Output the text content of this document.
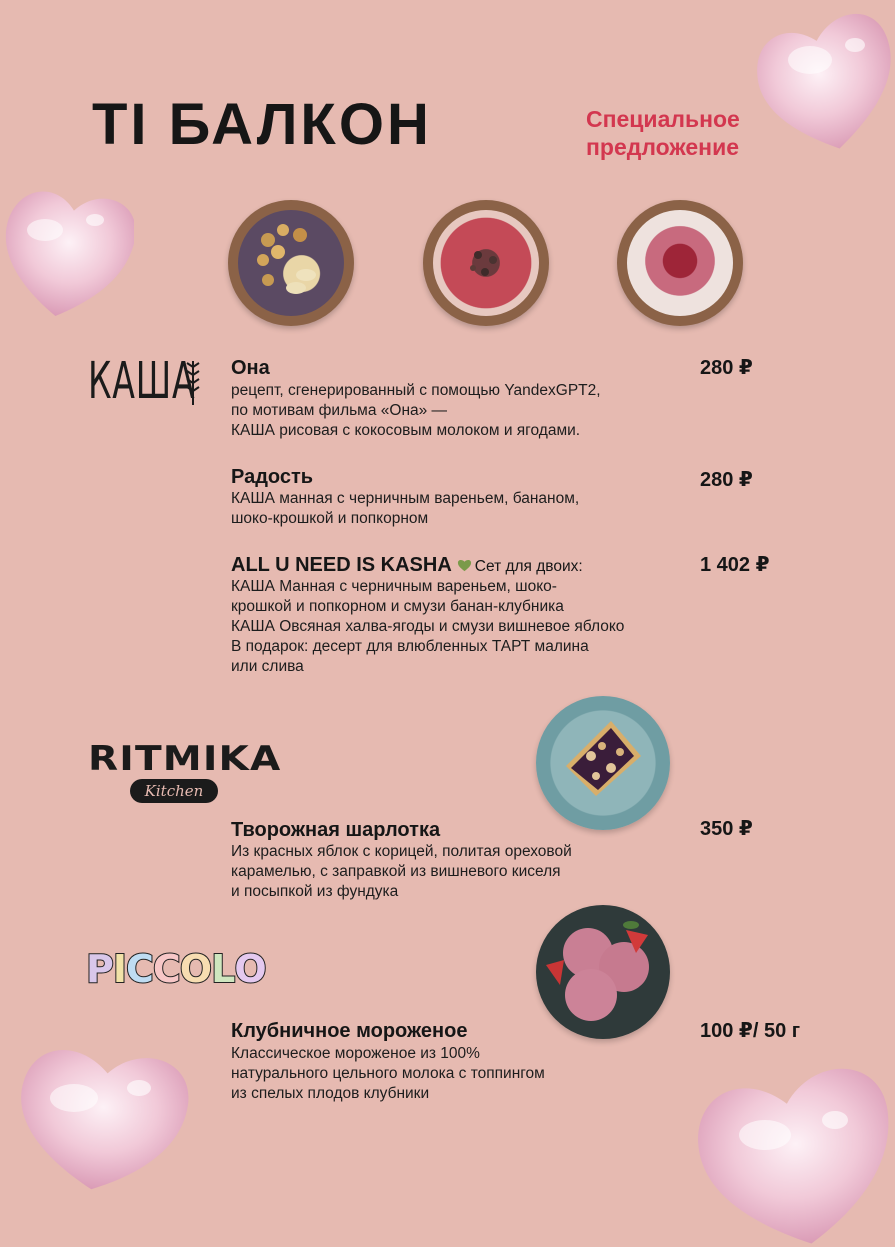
TI БАЛКОН	Специальное
предложение
КАША Она	280 ₽
рецепт, сгенерированный с помощью YandexGPT2,
по мотивам фильма «Она» —
КАША рисовая с кокосовым молоком и ягодами.
Радость	280 ₽
КАША манная с черничным вареньем, бананом,
шоко-крошкой и попкорном
ALL U NEED IS KASHA Сет для двоих:	1 402 ₽
КАША Манная с черничным вареньем, шоко-
крошкой и попкорном и смузи банан-клубника
КАША Овсяная халва-ягоды и смузи вишневое яблоко
В подарок: десерт для влюбленных ТАРТ малина
или слива
RITMIKA
Kitchen
Творожная шарлотка	350 ₽
Из красных яблок с корицей, политая ореховой
карамелью, с заправкой из вишневого киселя
и посыпкой из фундука
PICCOLO
Клубничное мороженое	100 ₽/ 50 г
Классическое мороженое из 100%
натурального цельного молока с топпингом
из спелых плодов клубники
